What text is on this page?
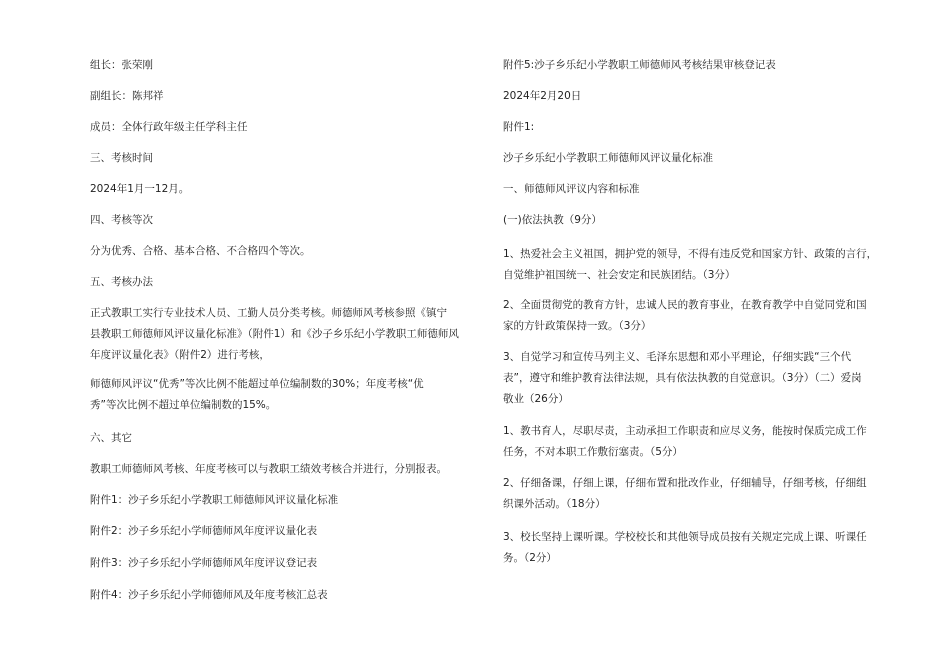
组长：张荣刚
副组长：陈邦祥
成员：全体行政年级主任学科主任
三、考核时间
2024年1月一12月。
四、考核等次
分为优秀、合格、基本合格、不合格四个等次。
五、考核办法
正式教职工实行专业技术人员、工勤人员分类考核。师德师风考核参照《镇宁
县教职工师德师风评议量化标准》（附件1）和《沙子乡乐纪小学教职工师德师风
年度评议量化表》（附件2）进行考核，
师德师风评议“优秀”等次比例不能超过单位编制数的30%；年度考核“优
秀”等次比例不超过单位编制数的15%。
六、其它
教职工师德师风考核、年度考核可以与教职工绩效考核合并进行，分别报表。
附件1：沙子乡乐纪小学教职工师德师风评议量化标准
附件2：沙子乡乐纪小学师德师风年度评议量化表
附件3：沙子乡乐纪小学师德师风年度评议登记表
附件4：沙子乡乐纪小学师德师风及年度考核汇总表
附件5:沙子乡乐纪小学教职工师德师风考核结果审核登记表
2024年2月20日
附件1:
沙子乡乐纪小学教职工师德师风评议量化标准
一、师德师风评议内容和标准
(一)依法执教（9分）
1、热爱社会主义祖国，拥护党的领导，不得有违反党和国家方针、政策的言行，
自觉维护祖国统一、社会安定和民族团结。（3分）
2、全面贯彻党的教育方针，忠诚人民的教育事业，在教育教学中自觉同党和国
家的方针政策保持一致。（3分）
3、自觉学习和宣传马列主义、毛泽东思想和邓小平理论，仔细实践“三个代
表”，遵守和维护教育法律法规，具有依法执教的自觉意识。（3分）（二）爱岗
敬业（26分）
1、教书育人，尽职尽责，主动承担工作职责和应尽义务，能按时保质完成工作
任务，不对本职工作敷衍塞责。（5分）
2、仔细备课，仔细上课，仔细布置和批改作业，仔细辅导，仔细考核，仔细组
织课外活动。（18分）
3、校长坚持上课听课。学校校长和其他领导成员按有关规定完成上课、听课任
务。（2分）
